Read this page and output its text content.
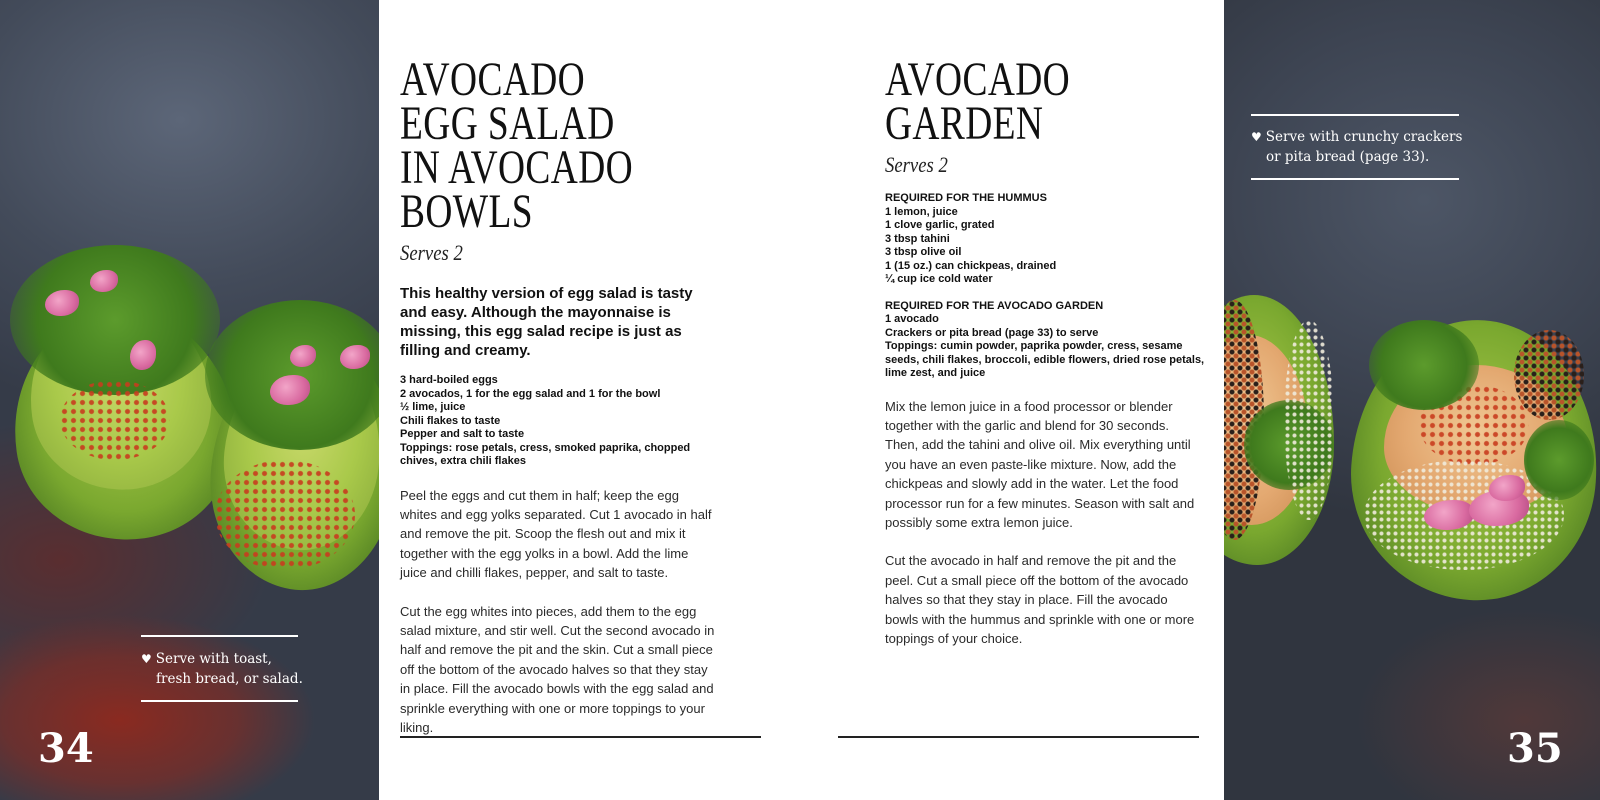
♥ Serve with toast,
fresh bread, or salad.
34
AVOCADO
EGG SALAD
IN AVOCADO
BOWLS
Serves 2
This healthy version of egg salad is tasty and easy. Although the mayonnaise is missing, this egg salad recipe is just as filling and creamy.
3 hard-boiled eggs
2 avocados, 1 for the egg salad and 1 for the bowl
½ lime, juice
Chili flakes to taste
Pepper and salt to taste
Toppings: rose petals, cress, smoked paprika, chopped chives, extra chili flakes
Peel the eggs and cut them in half; keep the egg whites and egg yolks separated. Cut 1 avocado in half and remove the pit. Scoop the flesh out and mix it together with the egg yolks in a bowl. Add the lime juice and chilli flakes, pepper, and salt to taste.
Cut the egg whites into pieces, add them to the egg salad mixture, and stir well. Cut the second avocado in half and remove the pit and the skin. Cut a small piece off the bottom of the avocado halves so that they stay in place. Fill the avocado bowls with the egg salad and sprinkle everything with one or more toppings to your liking.
AVOCADO
GARDEN
Serves 2
REQUIRED FOR THE HUMMUS
1 lemon, juice
1 clove garlic, grated
3 tbsp tahini
3 tbsp olive oil
1 (15 oz.) can chickpeas, drained
¼ cup ice cold water
REQUIRED FOR THE AVOCADO GARDEN
1 avocado
Crackers or pita bread (page 33) to serve
Toppings: cumin powder, paprika powder, cress, sesame seeds, chili flakes, broccoli, edible flowers, dried rose petals, lime zest, and juice
Mix the lemon juice in a food processor or blender together with the garlic and blend for 30 seconds. Then, add the tahini and olive oil. Mix everything until you have an even paste-like mixture. Now, add the chickpeas and slowly add in the water. Let the food processor run for a few minutes. Season with salt and possibly some extra lemon juice.
Cut the avocado in half and remove the pit and the peel. Cut a small piece off the bottom of the avocado halves so that they stay in place. Fill the avocado bowls with the hummus and sprinkle with one or more toppings of your choice.
♥ Serve with crunchy crackers
or pita bread (page 33).
35
